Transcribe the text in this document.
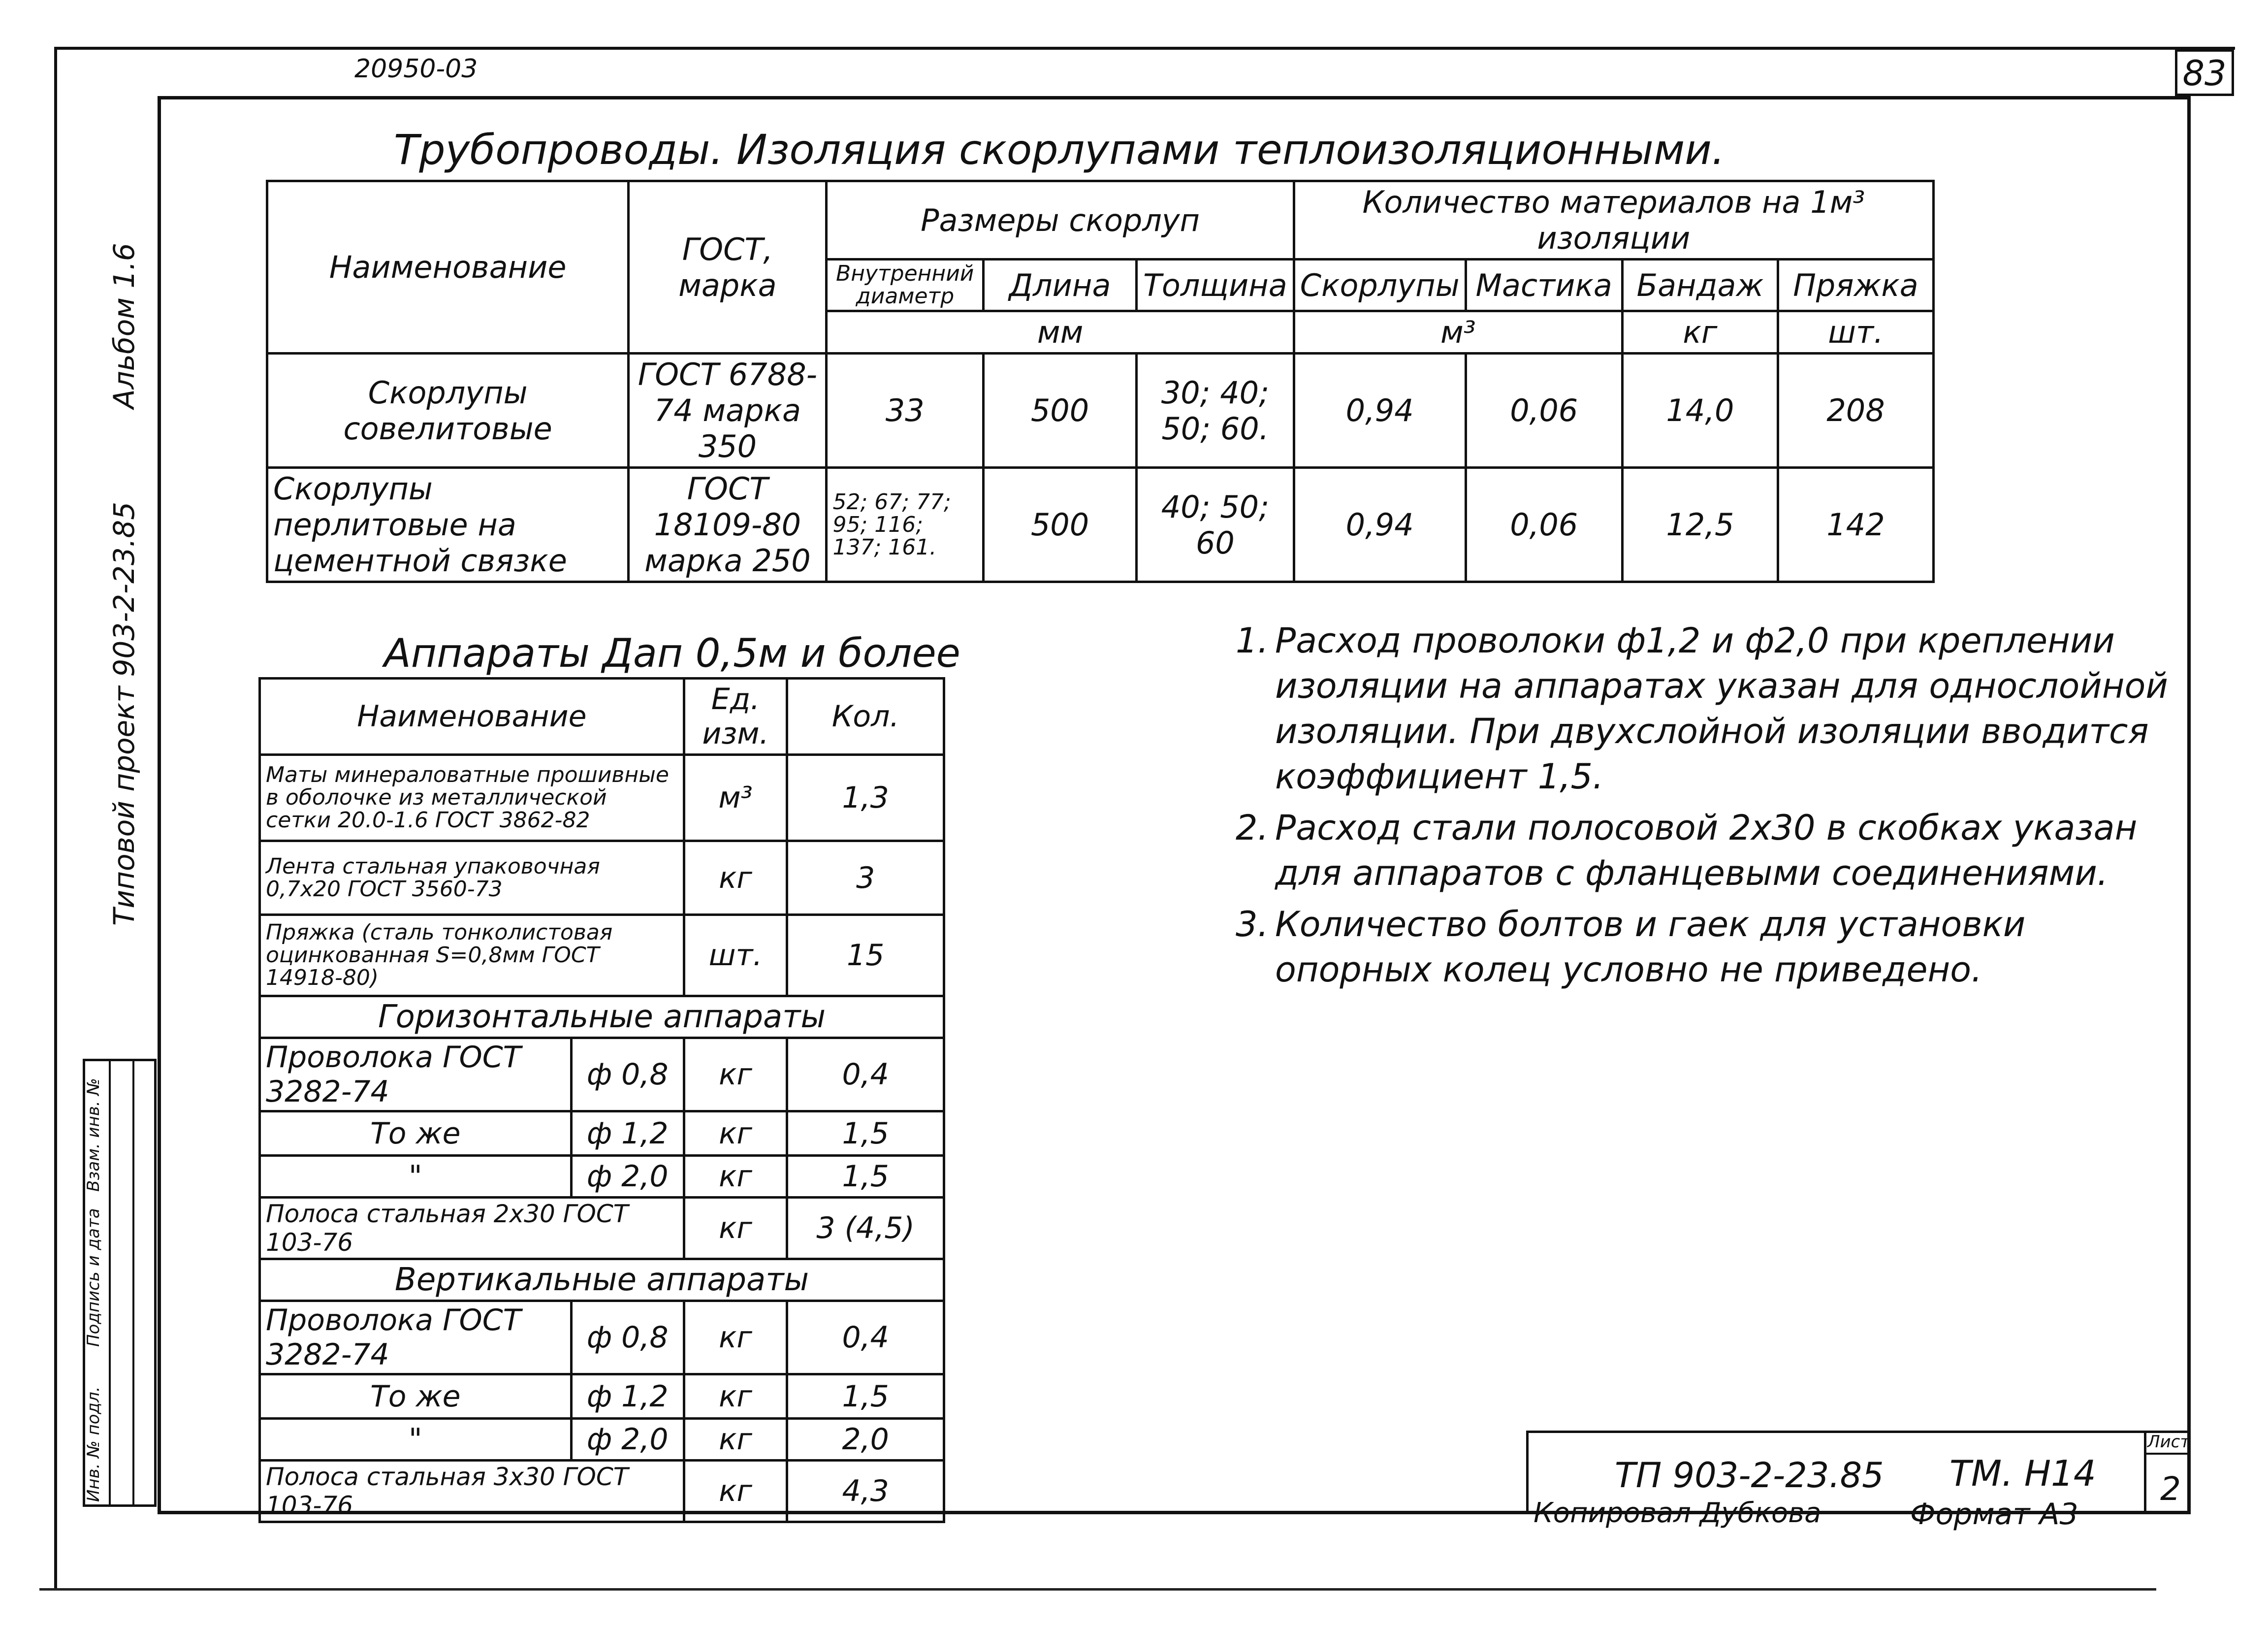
20950-03	83
Альбом 1.6
Типовой проект 903-2-23.85
Трубопроводы. Изоляция скорлупами теплоизоляционными.
Наименование	ГОСТ, марка	Размеры скорлуп			Количество материалов на 1м³ изоляции			
		Внутренний диаметр	Длина	Толщина	Скорлупы	Мастика	Бандаж	Пряжка
		мм			м³		кг	шт.
Скорлупы совелитовые	ГОСТ 6788-74 марка 350	33	500	30; 40; 50; 60.	0,94	0,06	14,0	208
Скорлупы перлитовые на цементной связке	ГОСТ 18109-80 марка 250	52; 67; 77; 95; 116; 137; 161.	500	40; 50; 60	0,94	0,06	12,5	142
Аппараты Дап 0,5м и более
Наименование		Ед. изм.	Кол.
Маты минераловатные прошивные в оболочке из металлической сетки 20.0-1.6 ГОСТ 3862-82		м³	1,3
Лента стальная упаковочная 0,7х20 ГОСТ 3560-73		кг	3
Пряжка (сталь тонколистовая оцинкованная S=0,8мм ГОСТ 14918-80)		шт.	15
Горизонтальные аппараты			
Проволока ГОСТ 3282-74	ф 0,8	кг	0,4
То же	ф 1,2	кг	1,5
"	ф 2,0	кг	1,5
Полоса стальная 2х30 ГОСТ 103-76		кг	3 (4,5)
Вертикальные аппараты			
Проволока ГОСТ 3282-74	ф 0,8	кг	0,4
То же	ф 1,2	кг	1,5
"	ф 2,0	кг	2,0
Полоса стальная 3х30 ГОСТ 103-76		кг	4,3
1. Расход проволоки ф1,2 и ф2,0 при креплении изоляции на аппаратах указан для однослойной изоляции. При двухслойной изоляции вводится коэффициент 1,5.
2. Расход стали полосовой 2х30 в скобках указан для аппаратов с фланцевыми соединениями.
3. Количество болтов и гаек для установки опорных колец условно не приведено.
Инв. № подл.
Подпись и дата
Взам. инв. №
ТП 903-2-23.85 ТМ. Н14
Лист
2
Копировал Дубкова	Формат А3
